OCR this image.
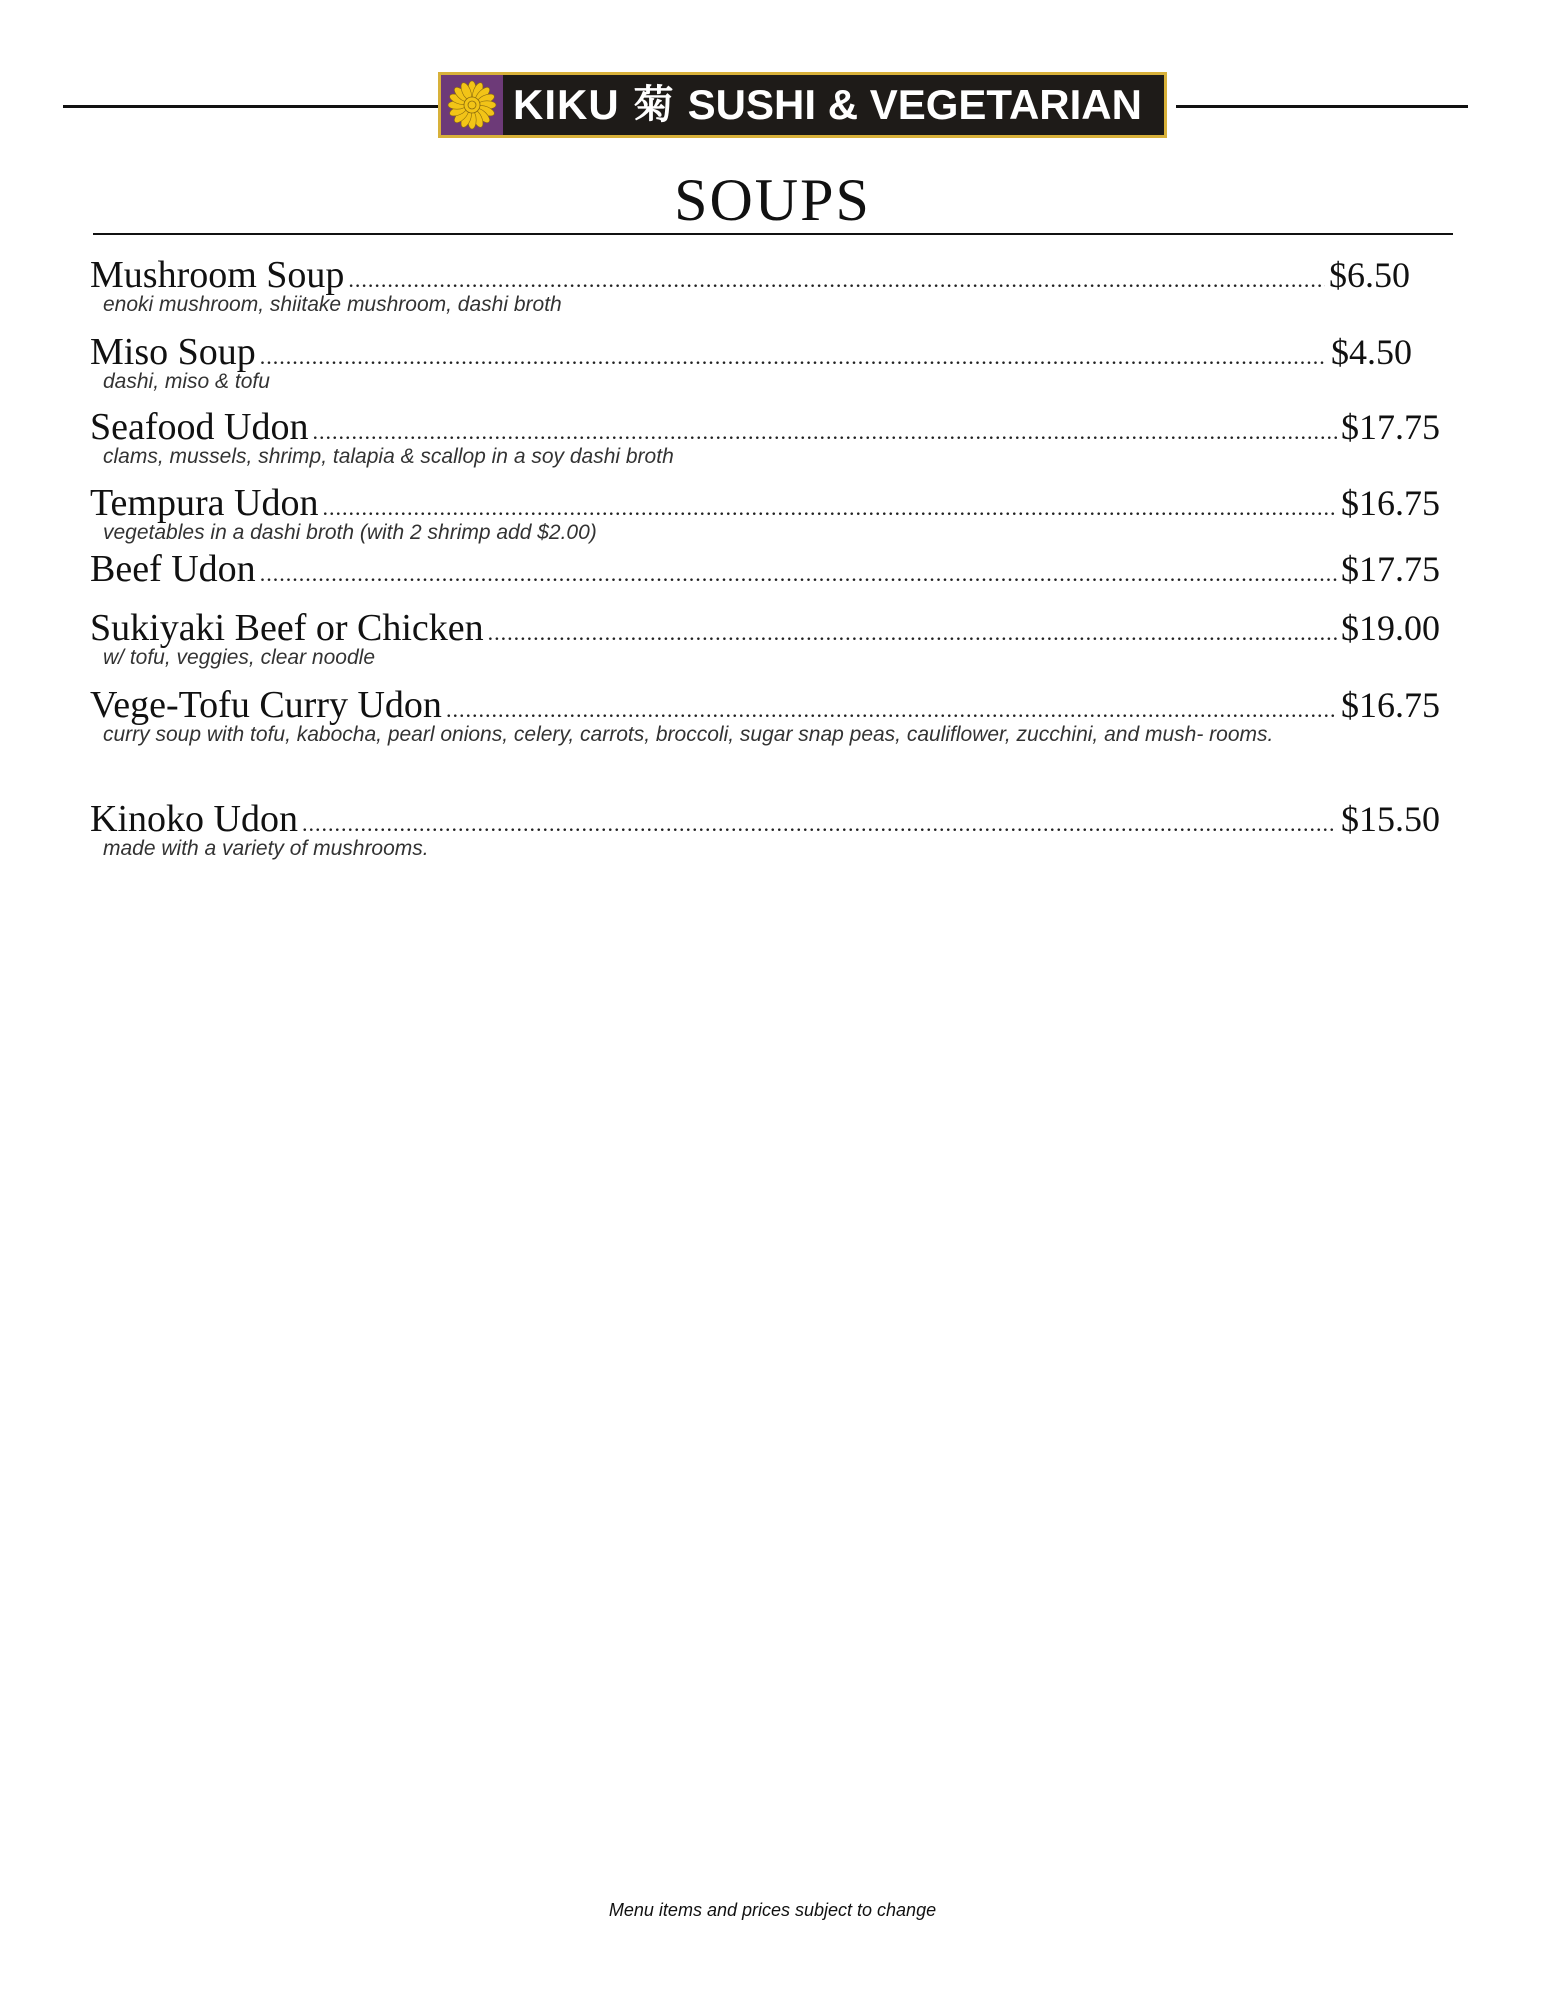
KIKU 菊 SUSHI & VEGETARIAN
SOUPS
Mushroom Soup .....	$6.50
enoki mushroom, shiitake mushroom, dashi broth
Miso Soup .....	$4.50
dashi, miso & tofu
Seafood Udon .....	$17.75
clams, mussels, shrimp, talapia & scallop in a soy dashi broth
Tempura Udon .....	$16.75
vegetables in a dashi broth (with 2 shrimp add $2.00)
Beef Udon .....	$17.75
Sukiyaki Beef or Chicken .....	$19.00
w/ tofu, veggies, clear noodle
Vege-Tofu Curry Udon .....	$16.75
curry soup with tofu, kabocha, pearl onions, celery, carrots, broccoli, sugar snap peas, cauliflower, zucchini, and mush- rooms.
Kinoko Udon .....	$15.50
made with a variety of mushrooms.
Menu items and prices subject to change
